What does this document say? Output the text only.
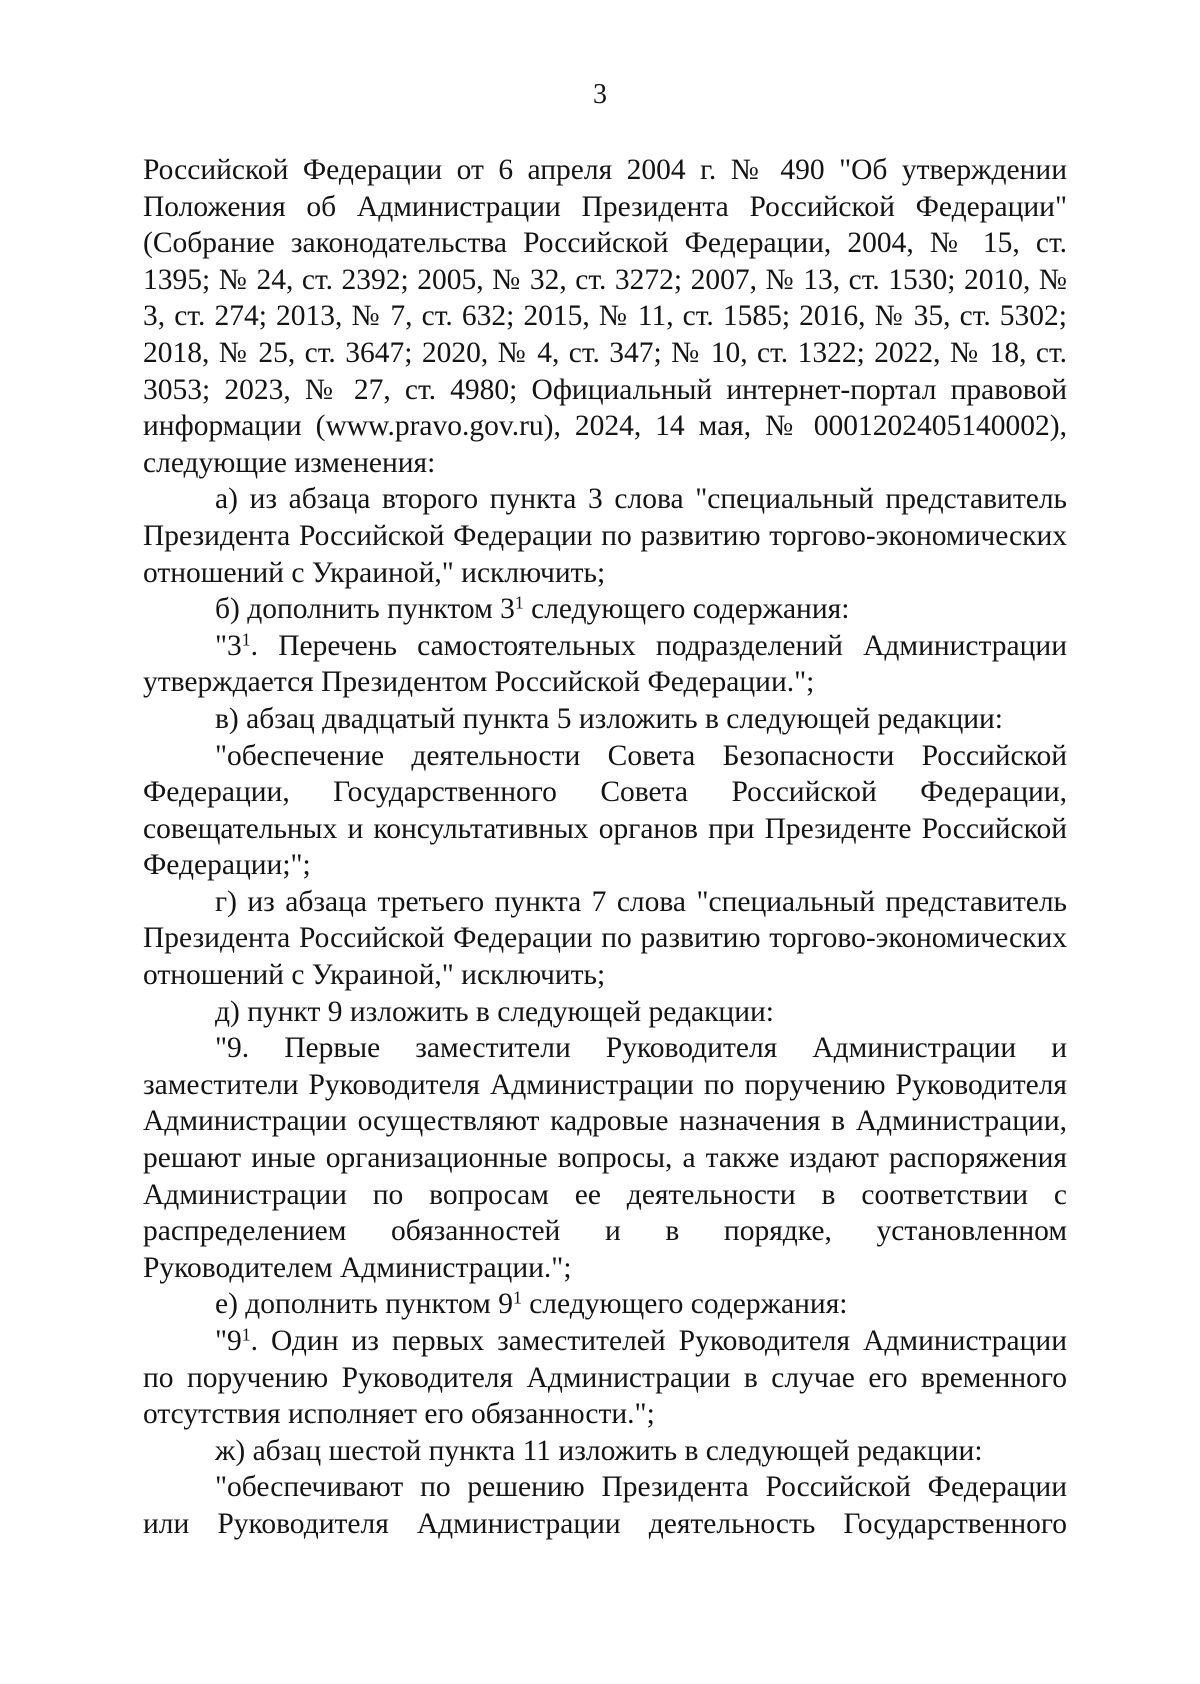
3

Российской Федерации от 6 апреля 2004 г. № 490 "Об утверждении Положения об Администрации Президента Российской Федерации" (Собрание законодательства Российской Федерации, 2004, № 15, ст. 1395; № 24, ст. 2392; 2005, № 32, ст. 3272; 2007, № 13, ст. 1530; 2010, № 3, ст. 274; 2013, № 7, ст. 632; 2015, № 11, ст. 1585; 2016, № 35, ст. 5302; 2018, № 25, ст. 3647; 2020, № 4, ст. 347; № 10, ст. 1322; 2022, № 18, ст. 3053; 2023, № 27, ст. 4980; Официальный интернет-портал правовой информации (www.pravo.gov.ru), 2024, 14 мая, № 0001202405140002), следующие изменения:

а) из абзаца второго пункта 3 слова "специальный представитель Президента Российской Федерации по развитию торгово-экономических отношений с Украиной," исключить;

б) дополнить пунктом $3^1$ следующего содержания:

"$3^1$. Перечень самостоятельных подразделений Администрации утверждается Президентом Российской Федерации.";

в) абзац двадцатый пункта 5 изложить в следующей редакции:

"обеспечение деятельности Совета Безопасности Российской Федерации, Государственного Совета Российской Федерации, совещательных и консультативных органов при Президенте Российской Федерации;";

г) из абзаца третьего пункта 7 слова "специальный представитель Президента Российской Федерации по развитию торгово-экономических отношений с Украиной," исключить;

д) пункт 9 изложить в следующей редакции:

"9. Первые заместители Руководителя Администрации и заместители Руководителя Администрации по поручению Руководителя Администрации осуществляют кадровые назначения в Администрации, решают иные организационные вопросы, а также издают распоряжения Администрации по вопросам ее деятельности в соответствии с распределением обязанностей и в порядке, установленном Руководителем Администрации.";

е) дополнить пунктом $9^1$ следующего содержания:

"$9^1$. Один из первых заместителей Руководителя Администрации по поручению Руководителя Администрации в случае его временного отсутствия исполняет его обязанности.";

ж) абзац шестой пункта 11 изложить в следующей редакции:

"обеспечивают по решению Президента Российской Федерации или Руководителя Администрации деятельность Государственного
